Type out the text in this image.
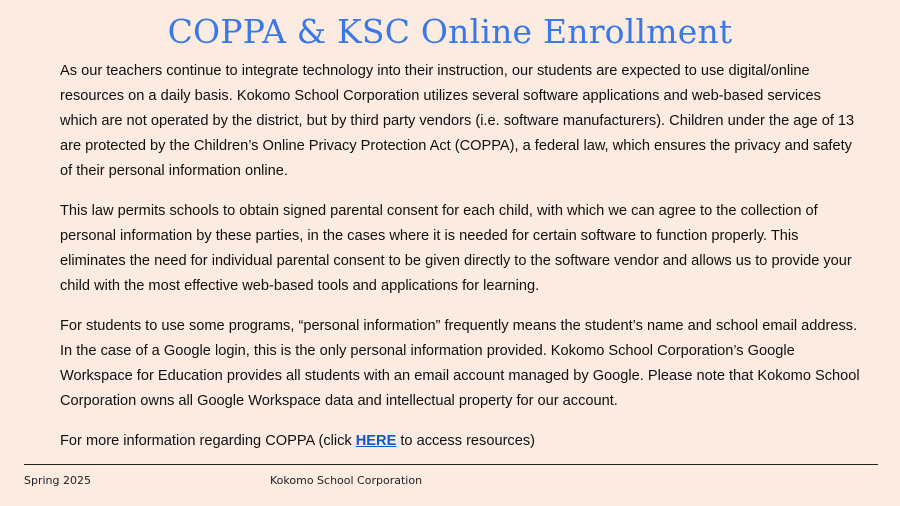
COPPA & KSC Online Enrollment

As our teachers continue to integrate technology into their instruction, our students are expected to use digital/online resources on a daily basis. Kokomo School Corporation utilizes several software applications and web-based services which are not operated by the district, but by third party vendors (i.e. software manufacturers). Children under the age of 13 are protected by the Children’s Online Privacy Protection Act (COPPA), a federal law, which ensures the privacy and safety of their personal information online.

This law permits schools to obtain signed parental consent for each child, with which we can agree to the collection of personal information by these parties, in the cases where it is needed for certain software to function properly. This eliminates the need for individual parental consent to be given directly to the software vendor and allows us to provide your child with the most effective web-based tools and applications for learning.

For students to use some programs, “personal information” frequently means the student’s name and school email address. In the case of a Google login, this is the only personal information provided. Kokomo School Corporation’s Google Workspace for Education provides all students with an email account managed by Google. Please note that Kokomo School Corporation owns all Google Workspace data and intellectual property for our account.

For more information regarding COPPA (click HERE to access resources)

Spring 2025	Kokomo School Corporation
